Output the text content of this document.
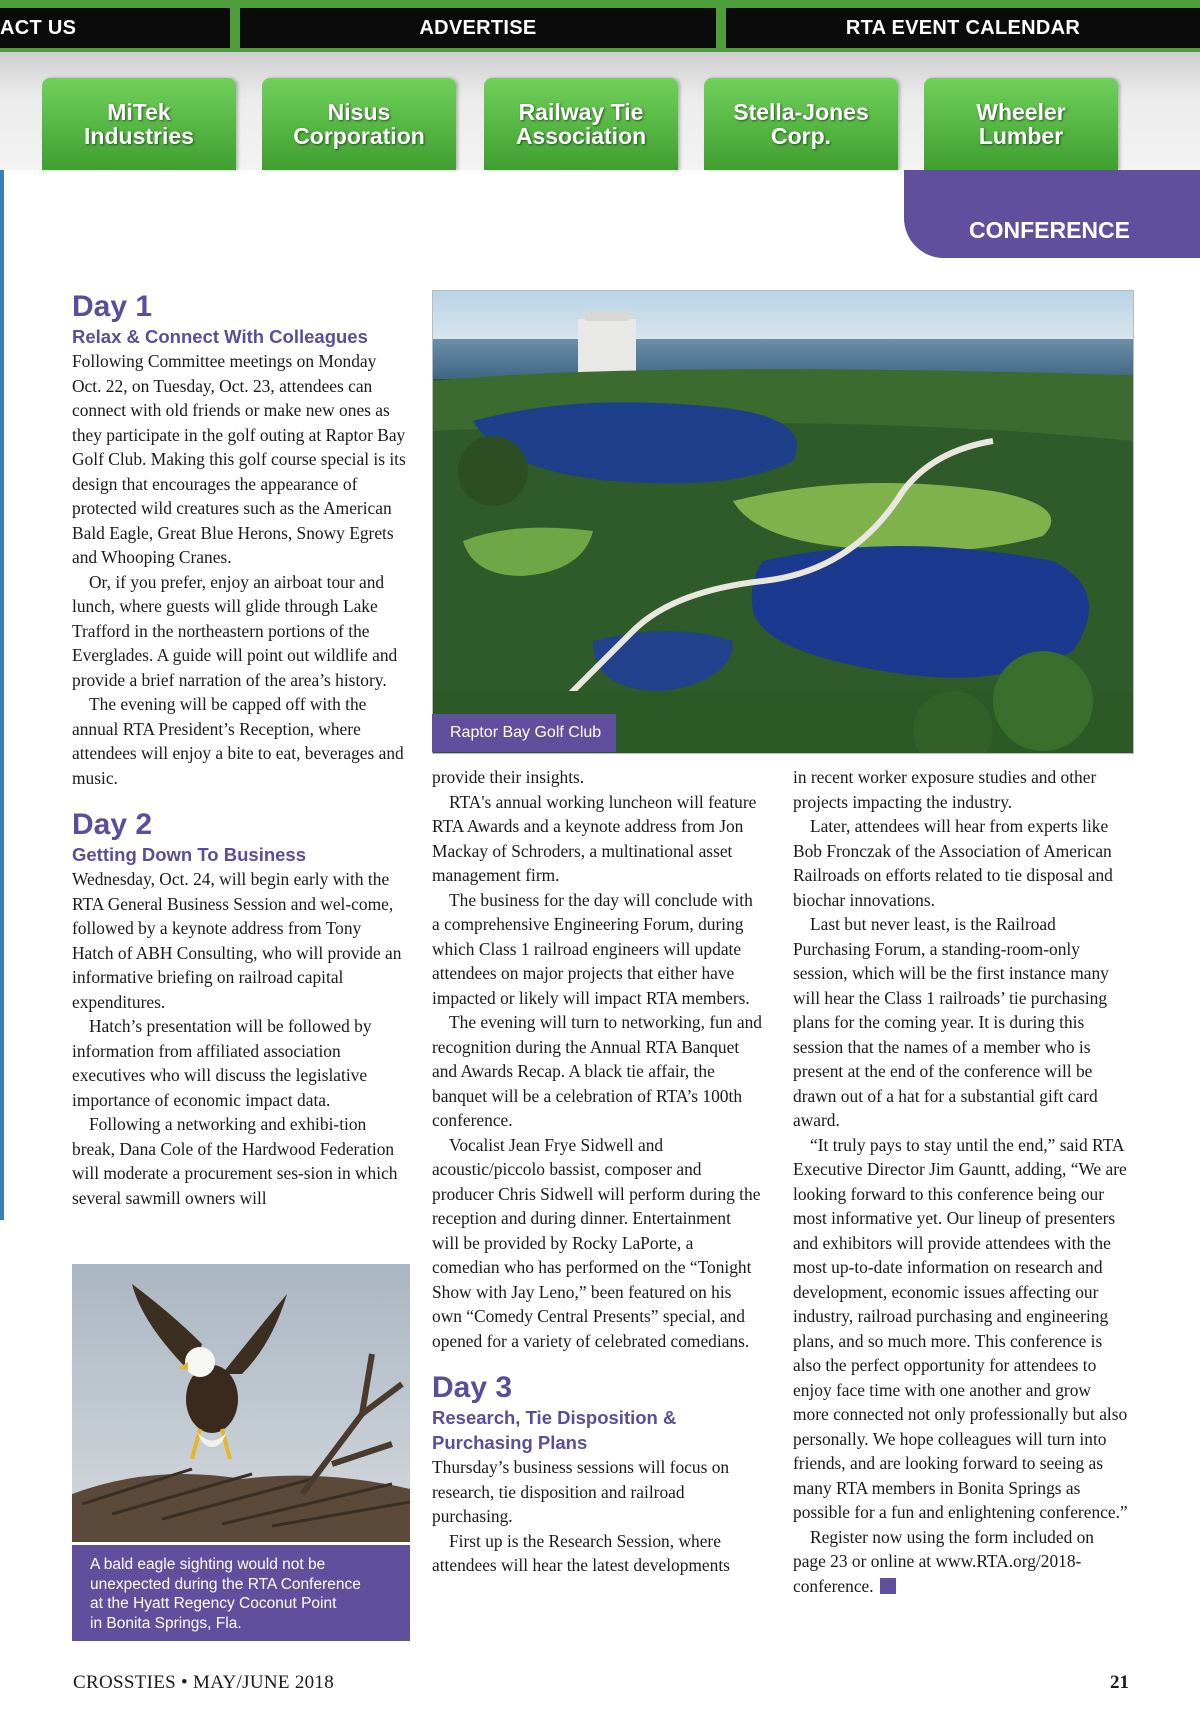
ACT US	ADVERTISE	RTA EVENT CALENDAR
MiTek
Industries
Nisus
Corporation
Railway Tie
Association
Stella-Jones
Corp.
Wheeler
Lumber
CONFERENCE
Day 1
Relax & Connect With Colleagues

Following Committee meetings on Monday Oct. 22, on Tuesday, Oct. 23, attendees can connect with old friends or make new ones as they participate in the golf outing at Raptor Bay Golf Club. Making this golf course special is its design that encourages the appearance of protected wild creatures such as the American Bald Eagle, Great Blue Herons, Snowy Egrets and Whooping Cranes.

Or, if you prefer, enjoy an airboat tour and lunch, where guests will glide through Lake Trafford in the northeastern portions of the Everglades. A guide will point out wildlife and provide a brief narration of the area’s history.

The evening will be capped off with the annual RTA President’s Reception, where attendees will enjoy a bite to eat, beverages and music.

Day 2
Getting Down To Business

Wednesday, Oct. 24, will begin early with the RTA General Business Session and wel-come, followed by a keynote address from Tony Hatch of ABH Consulting, who will provide an informative briefing on railroad capital expenditures.

Hatch’s presentation will be followed by information from affiliated association executives who will discuss the legislative importance of economic impact data.

Following a networking and exhibi-tion break, Dana Cole of the Hardwood Federation will moderate a procurement ses-sion in which several sawmill owners will

Raptor Bay Golf Club

provide their insights.

RTA's annual working luncheon will feature RTA Awards and a keynote address from Jon Mackay of Schroders, a multinational asset management firm.

The business for the day will conclude with a comprehensive Engineering Forum, during which Class 1 railroad engineers will update attendees on major projects that either have impacted or likely will impact RTA members.

The evening will turn to networking, fun and recognition during the Annual RTA Banquet and Awards Recap. A black tie affair, the banquet will be a celebration of RTA’s 100th conference.

Vocalist Jean Frye Sidwell and acoustic/piccolo bassist, composer and producer Chris Sidwell will perform during the reception and during dinner. Entertainment will be provided by Rocky LaPorte, a comedian who has performed on the “Tonight Show with Jay Leno,” been featured on his own “Comedy Central Presents” special, and opened for a variety of celebrated comedians.

Day 3
Research, Tie Disposition & Purchasing Plans

Thursday’s business sessions will focus on research, tie disposition and railroad purchasing.

First up is the Research Session, where attendees will hear the latest developments

in recent worker exposure studies and other projects impacting the industry.

Later, attendees will hear from experts like Bob Fronczak of the Association of American Railroads on efforts related to tie disposal and biochar innovations.

Last but never least, is the Railroad Purchasing Forum, a standing-room-only session, which will be the first instance many will hear the Class 1 railroads’ tie purchasing plans for the coming year. It is during this session that the names of a member who is present at the end of the conference will be drawn out of a hat for a substantial gift card award.

“It truly pays to stay until the end,” said RTA Executive Director Jim Gauntt, adding, “We are looking forward to this conference being our most informative yet. Our lineup of presenters and exhibitors will provide attendees with the most up-to-date information on research and development, economic issues affecting our industry, railroad purchasing and engineering plans, and so much more. This conference is also the perfect opportunity for attendees to enjoy face time with one another and grow more connected not only professionally but also personally. We hope colleagues will turn into friends, and are looking forward to seeing as many RTA members in Bonita Springs as possible for a fun and enlightening conference.”

Register now using the form included on page 23 or online at www.RTA.org/2018-conference.

A bald eagle sighting would not be
unexpected during the RTA Conference
at the Hyatt Regency Coconut Point
in Bonita Springs, Fla.
CROSSTIES • MAY/JUNE 2018	21
